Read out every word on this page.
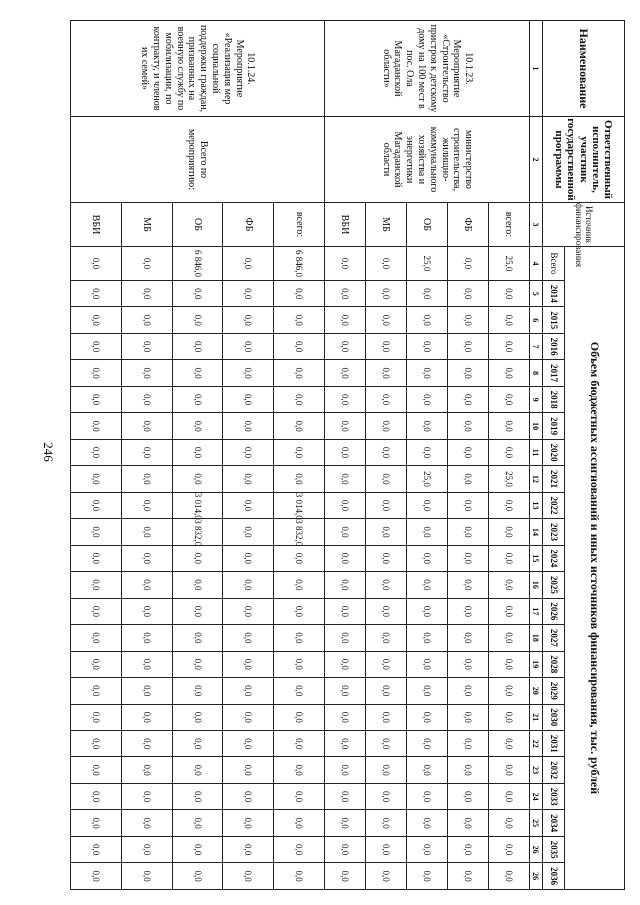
246
Наименование	Ответственный исполнитель, участник государственной программы	Источник финансирования	Объем бюджетных ассигнований и иных источников финансирования, тыс. рублей																							
			Всего	2014	2015	2016	2017	2018	2019	2020	2021	2022	2023	2024	2025	2026	2027	2028	2029	2030	2031	2032	2033	2034	2035	2036
1	2	3	4	5	6	7	8	9	10	11	12	13	14	15	16	17	18	19	20	21	22	23	24	25	26	26
10.1.23. Мероприятие «Строительство пристроя к детскому дому на 100 мест в пос. Ола Магаданской области»	министерство строительства, жилищно-коммунального хозяйства и энергетики Магаданской области	всего:	25,0	0,0	0,0	0,0	0,0	0,0	0,0	0,0	25,0	0,0	0,0	0,0	0,0	0,0	0,0	0,0	0,0	0,0	0,0	0,0	0,0	0,0	0,0	0,0
		ФБ	0,0	0,0	0,0	0,0	0,0	0,0	0,0	0,0	0,0	0,0	0,0	0,0	0,0	0,0	0,0	0,0	0,0	0,0	0,0	0,0	0,0	0,0	0,0	0,0
		ОБ	25,0	0,0	0,0	0,0	0,0	0,0	0,0	0,0	25,0	0,0	0,0	0,0	0,0	0,0	0,0	0,0	0,0	0,0	0,0	0,0	0,0	0,0	0,0	0,0
		МБ	0,0	0,0	0,0	0,0	0,0	0,0	0,0	0,0	0,0	0,0	0,0	0,0	0,0	0,0	0,0	0,0	0,0	0,0	0,0	0,0	0,0	0,0	0,0	0,0
		ВБИ	0,0	0,0	0,0	0,0	0,0	0,0	0,0	0,0	0,0	0,0	0,0	0,0	0,0	0,0	0,0	0,0	0,0	0,0	0,0	0,0	0,0	0,0	0,0	0,0
10.1.24. Мероприятие «Реализация мер социальной поддержки граждан, призванных на военную службу по мобилизации, по контракту, и членов их семей»	Всего по мероприятию:	всего:	6 846,0	0,0	0,0	0,0	0,0	0,0	0,0	0,0	0,0	3 014,0	3 832,0	0,0	0,0	0,0	0,0	0,0	0,0	0,0	0,0	0,0	0,0	0,0	0,0	0,0
		ФБ	0,0	0,0	0,0	0,0	0,0	0,0	0,0	0,0	0,0	0,0	0,0	0,0	0,0	0,0	0,0	0,0	0,0	0,0	0,0	0,0	0,0	0,0	0,0	0,0
		ОБ	6 846,0	0,0	0,0	0,0	0,0	0,0	0,0	0,0	0,0	3 014,0	3 832,0	0,0	0,0	0,0	0,0	0,0	0,0	0,0	0,0	0,0	0,0	0,0	0,0	0,0
		МБ	0,0	0,0	0,0	0,0	0,0	0,0	0,0	0,0	0,0	0,0	0,0	0,0	0,0	0,0	0,0	0,0	0,0	0,0	0,0	0,0	0,0	0,0	0,0	0,0
		ВБИ	0,0	0,0	0,0	0,0	0,0	0,0	0,0	0,0	0,0	0,0	0,0	0,0	0,0	0,0	0,0	0,0	0,0	0,0	0,0	0,0	0,0	0,0	0,0	0,0
